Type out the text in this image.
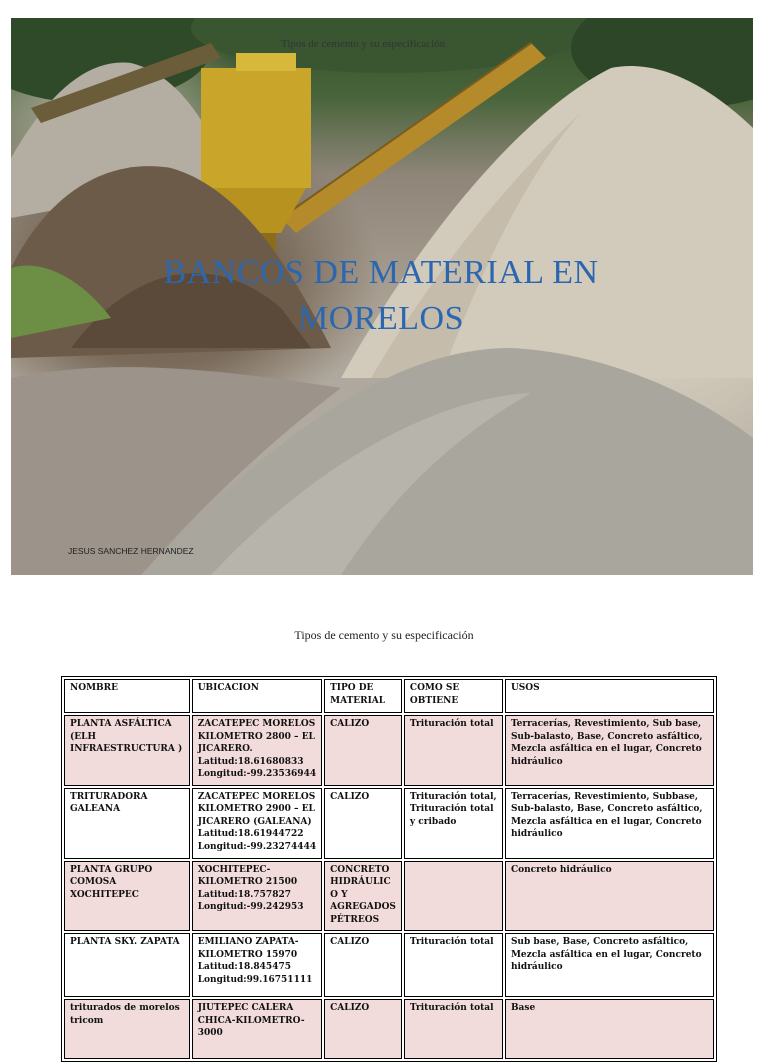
Tipos de cemento y su especificación
BANCOS DE MATERIAL EN
MORELOS
JESUS SANCHEZ HERNANDEZ
Tipos de cemento y su especificación
NOMBRE	UBICACION	TIPO DE MATERIAL	COMO SE OBTIENE	USOS
PLANTA ASFÁLTICA (ELH INFRAESTRUCTURA )	ZACATEPEC MORELOS KILOMETRO 2800 – EL JICARERO.
Latitud:18.61680833
Longitud:-99.23536944	CALIZO	Trituración total	Terracerías, Revestimiento, Sub base, Sub-balasto, Base, Concreto asfáltico, Mezcla asfáltica en el lugar, Concreto hidráulico
TRITURADORA GALEANA	ZACATEPEC MORELOS KILOMETRO 2900 – EL JICARERO (GALEANA)
Latitud:18.61944722
Longitud:-99.23274444	CALIZO	Trituración total, Trituración total y cribado	Terracerías, Revestimiento, Subbase, Sub-balasto, Base, Concreto asfáltico, Mezcla asfáltica en el lugar, Concreto hidráulico
PLANTA GRUPO COMOSA XOCHITEPEC	XOCHITEPEC-KILOMETRO 21500
Latitud:18.757827
Longitud:-99.242953	CONCRETO HIDRÁULIC O Y AGREGADOS PÉTREOS		Concreto hidráulico
PLANTA SKY. ZAPATA	EMILIANO ZAPATA-KILOMETRO 15970
Latitud:18.845475
Longitud:99.16751111	CALIZO	Trituración total	Sub base, Base, Concreto asfáltico, Mezcla asfáltica en el lugar, Concreto hidráulico
triturados de morelos tricom	JIUTEPEC CALERA CHICA-KILOMETRO-3000	CALIZO	Trituración total	Base
